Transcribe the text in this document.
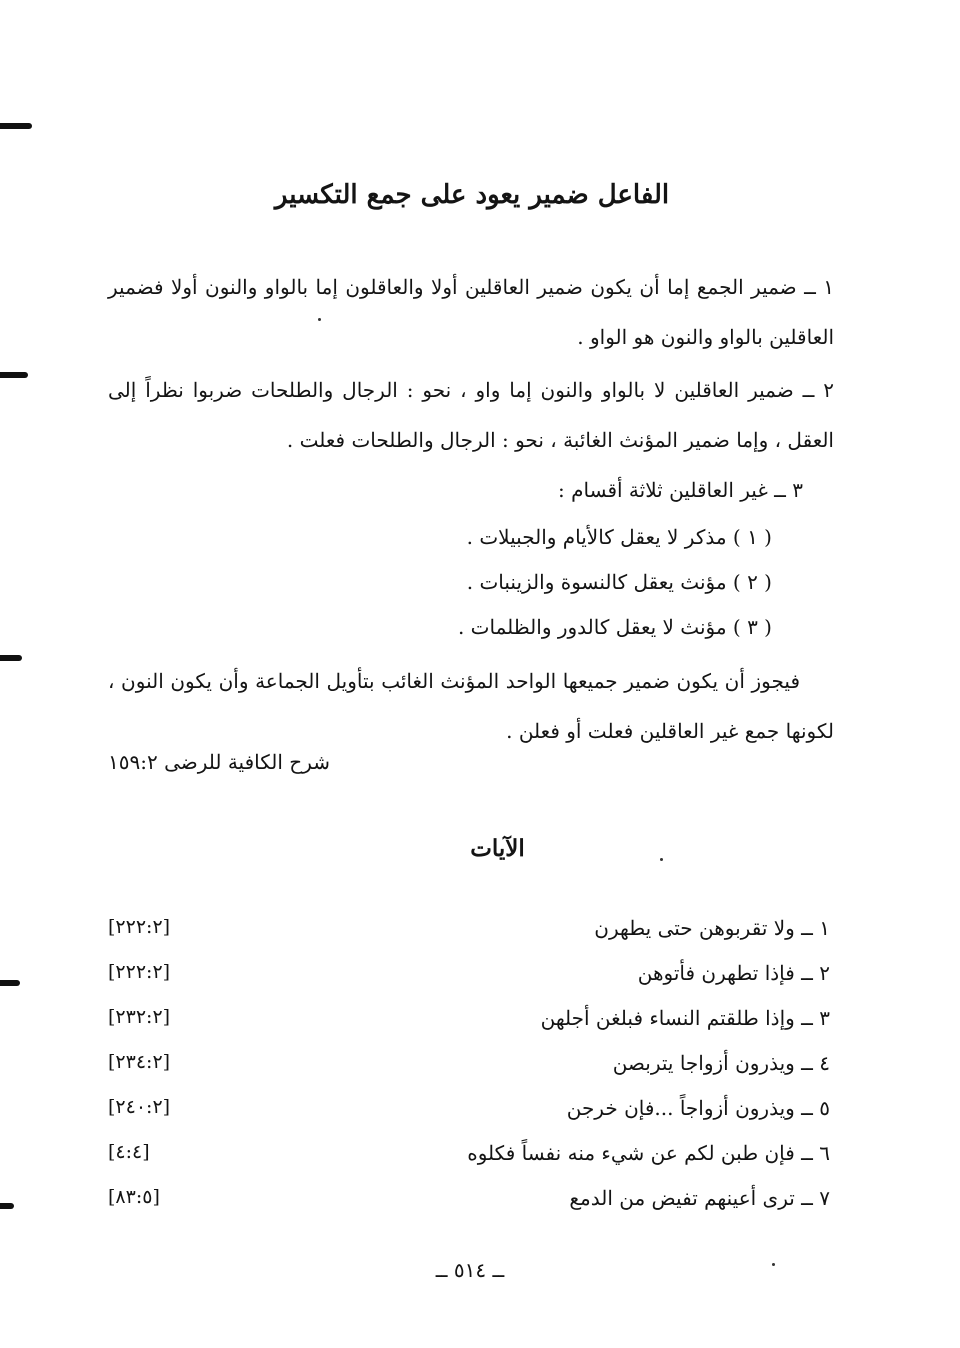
الفاعل ضمير يعود على جمع التكسير
١ ــ ضمير الجمع إما أن يكون ضمير العاقلين أولا والعاقلون إما بالواو والنون أولا فضمير العاقلين بالواو والنون هو الواو .
٢ ــ ضمير العاقلين لا بالواو والنون إما واو ، نحو : الرجال والطلحات ضربوا نظراً إلى العقل ، وإما ضمير المؤنث الغائبة ، نحو : الرجال والطلحات فعلت .
٣ ــ غير العاقلين ثلاثة أقسام :
( ١ ) مذكر لا يعقل كالأيام والجبيلات .
( ٢ ) مؤنث يعقل كالنسوة والزينبات .
( ٣ ) مؤنث لا يعقل كالدور والظلمات .
فيجوز أن يكون ضمير جميعها الواحد المؤنث الغائب بتأويل الجماعة وأن يكون النون ، لكونها جمع غير العاقلين فعلت أو فعلن .
شرح الكافية للرضى ١٥٩:٢
الآيات
١ ــ ولا تقربوهن حتى يطهرن
[٢٢٢:٢]
٢ ــ فإذا تطهرن فأتوهن
[٢٢٢:٢]
٣ ــ وإذا طلقتم النساء فبلغن أجلهن
[٢٣٢:٢]
٤ ــ ويذرون أزواجا يتربصن
[٢٣٤:٢]
٥ ــ ويذرون أزواجاً ...فإن خرجن
[٢٤٠:٢]
٦ ــ فإن طبن لكم عن شيء منه نفساً فكلوه
[٤:٤]
٧ ــ ترى أعينهم تفيض من الدمع
[٨٣:٥]
ــ ٥١٤ ــ
